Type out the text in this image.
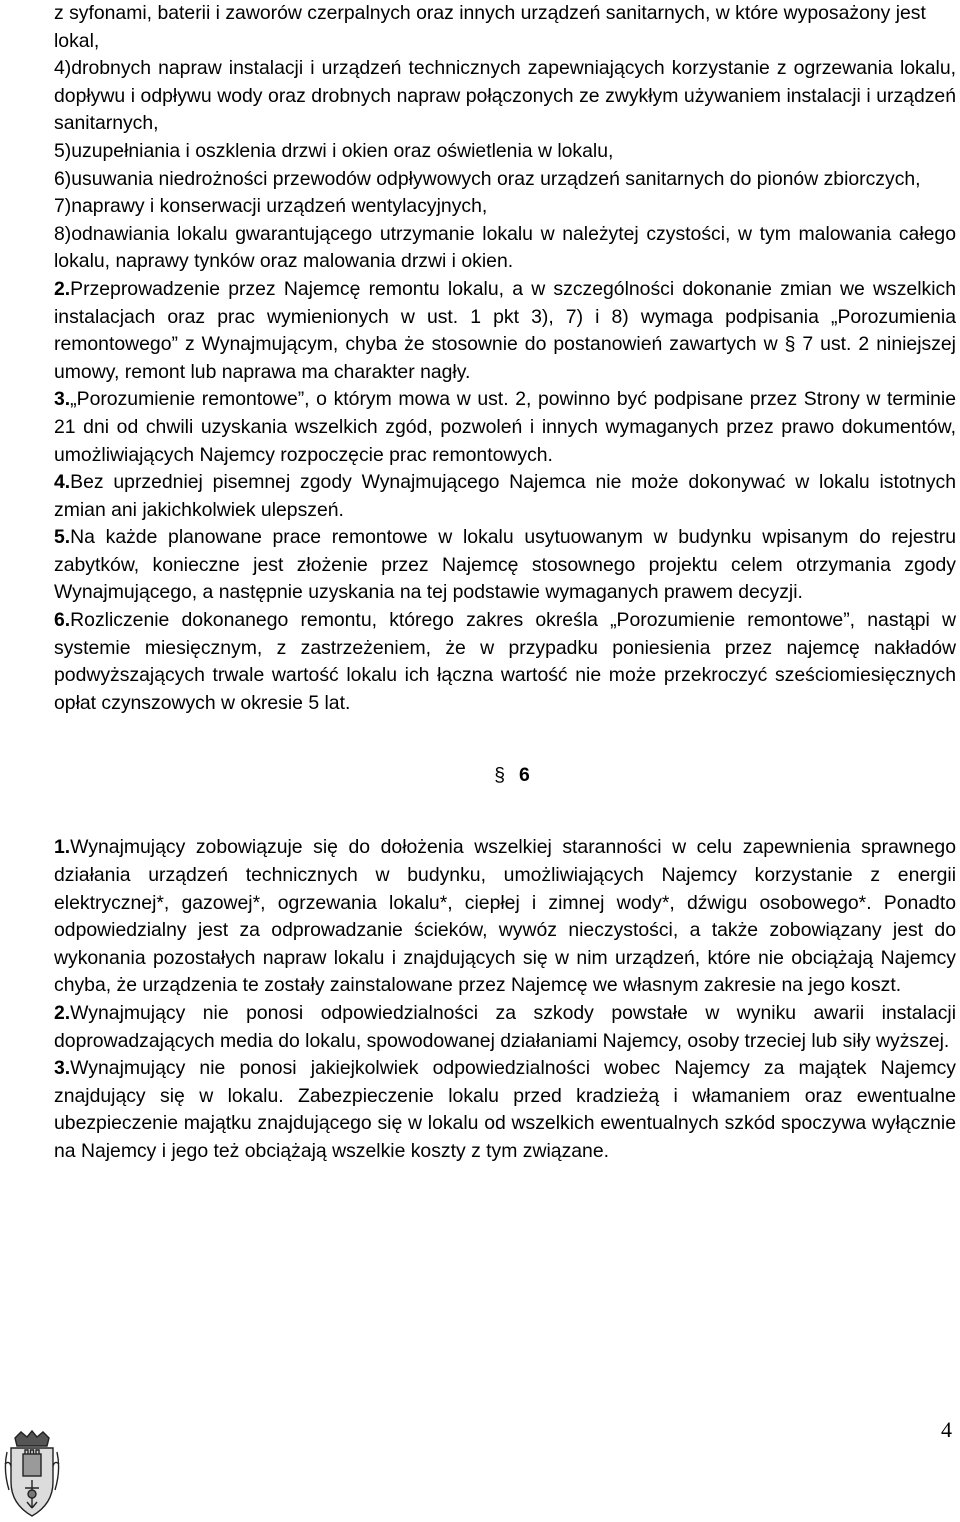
z syfonami, baterii i zaworów czerpalnych oraz innych urządzeń sanitarnych, w które wyposażony jest lokal,

4)drobnych napraw instalacji i urządzeń technicznych zapewniających korzystanie z ogrzewania lokalu, dopływu i odpływu wody oraz drobnych napraw połączonych ze zwykłym używaniem instalacji i urządzeń sanitarnych,

5)uzupełniania i oszklenia drzwi i okien oraz oświetlenia w lokalu,

6)usuwania niedrożności przewodów odpływowych oraz urządzeń sanitarnych do pionów zbiorczych,

7)naprawy i konserwacji urządzeń wentylacyjnych,

8)odnawiania lokalu gwarantującego utrzymanie lokalu w należytej czystości, w tym malowania całego lokalu, naprawy tynków oraz malowania drzwi i okien.

2.Przeprowadzenie przez Najemcę remontu lokalu, a w szczególności dokonanie zmian we wszelkich instalacjach oraz prac wymienionych w ust. 1 pkt 3), 7) i 8) wymaga podpisania „Porozumienia remontowego” z Wynajmującym, chyba że stosownie do postanowień zawartych w § 7 ust. 2 niniejszej umowy, remont lub naprawa ma charakter nagły.

3.„Porozumienie remontowe”, o którym mowa w ust. 2, powinno być podpisane przez Strony w terminie 21 dni od chwili uzyskania wszelkich zgód, pozwoleń i innych wymaganych przez prawo dokumentów, umożliwiających Najemcy rozpoczęcie prac remontowych.

4.Bez uprzedniej pisemnej zgody Wynajmującego Najemca nie może dokonywać w lokalu istotnych zmian ani jakichkolwiek ulepszeń.

5.Na każde planowane prace remontowe w lokalu usytuowanym w budynku wpisanym do rejestru zabytków, konieczne jest złożenie przez Najemcę stosownego projektu celem otrzymania zgody Wynajmującego, a następnie uzyskania na tej podstawie wymaganych prawem decyzji.

6.Rozliczenie dokonanego remontu, którego zakres określa „Porozumienie remontowe”, nastąpi w systemie miesięcznym, z zastrzeżeniem, że w przypadku poniesienia przez najemcę nakładów podwyższających trwale wartość lokalu ich łączna wartość nie może przekroczyć sześciomiesięcznych opłat czynszowych w okresie 5 lat.

§ 6

1.Wynajmujący zobowiązuje się do dołożenia wszelkiej staranności w celu zapewnienia sprawnego działania urządzeń technicznych w budynku, umożliwiających Najemcy korzystanie z energii elektrycznej*, gazowej*, ogrzewania lokalu*, ciepłej i zimnej wody*, dźwigu osobowego*. Ponadto odpowiedzialny jest za odprowadzanie ścieków, wywóz nieczystości, a także zobowiązany jest do wykonania pozostałych napraw lokalu i znajdujących się w nim urządzeń, które nie obciążają Najemcy chyba, że urządzenia te zostały zainstalowane przez Najemcę we własnym zakresie na jego koszt.

2.Wynajmujący nie ponosi odpowiedzialności za szkody powstałe w wyniku awarii instalacji doprowadzających media do lokalu, spowodowanej działaniami Najemcy, osoby trzeciej lub siły wyższej.

3.Wynajmujący nie ponosi jakiejkolwiek odpowiedzialności wobec Najemcy za majątek Najemcy znajdujący się w lokalu. Zabezpieczenie lokalu przed kradzieżą i włamaniem oraz ewentualne ubezpieczenie majątku znajdującego się w lokalu od wszelkich ewentualnych szkód spoczywa wyłącznie na Najemcy i jego też obciążają wszelkie koszty z tym związane.

4
